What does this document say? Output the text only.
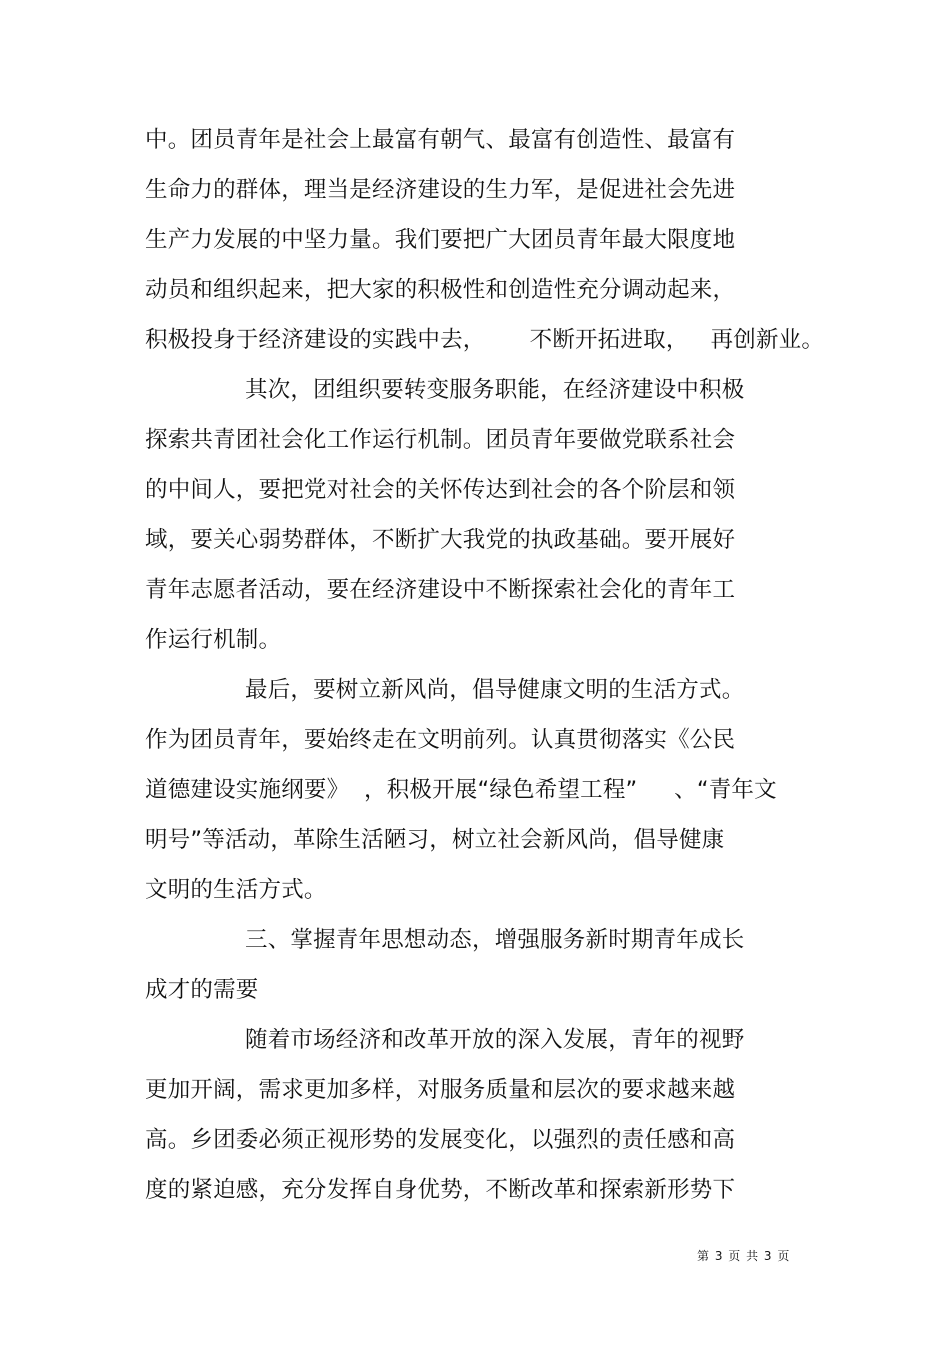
中。团员青年是社会上最富有朝气、最富有创造性、最富有
生命力的群体，理当是经济建设的生力军，是促进社会先进
生产力发展的中坚力量。我们要把广大团员青年最大限度地
动员和组织起来，把大家的积极性和创造性充分调动起来，
积极投身于经济建设的实践中去，      不断开拓进取，   再创新业。
其次，团组织要转变服务职能，在经济建设中积极
探索共青团社会化工作运行机制。团员青年要做党联系社会
的中间人，要把党对社会的关怀传达到社会的各个阶层和领
域，要关心弱势群体，不断扩大我党的执政基础。要开展好
青年志愿者活动，要在经济建设中不断探索社会化的青年工
作运行机制。
最后，要树立新风尚，倡导健康文明的生活方式。
作为团员青年，要始终走在文明前列。认真贯彻落实《公民
道德建设实施纲要》  ，积极开展“绿色希望工程”     、“青年文
明号”等活动，革除生活陋习，树立社会新风尚，倡导健康
文明的生活方式。
三、掌握青年思想动态，增强服务新时期青年成长
成才的需要
随着市场经济和改革开放的深入发展，青年的视野
更加开阔，需求更加多样，对服务质量和层次的要求越来越
高。乡团委必须正视形势的发展变化，以强烈的责任感和高
度的紧迫感，充分发挥自身优势，不断改革和探索新形势下
第 3 页 共 3 页
